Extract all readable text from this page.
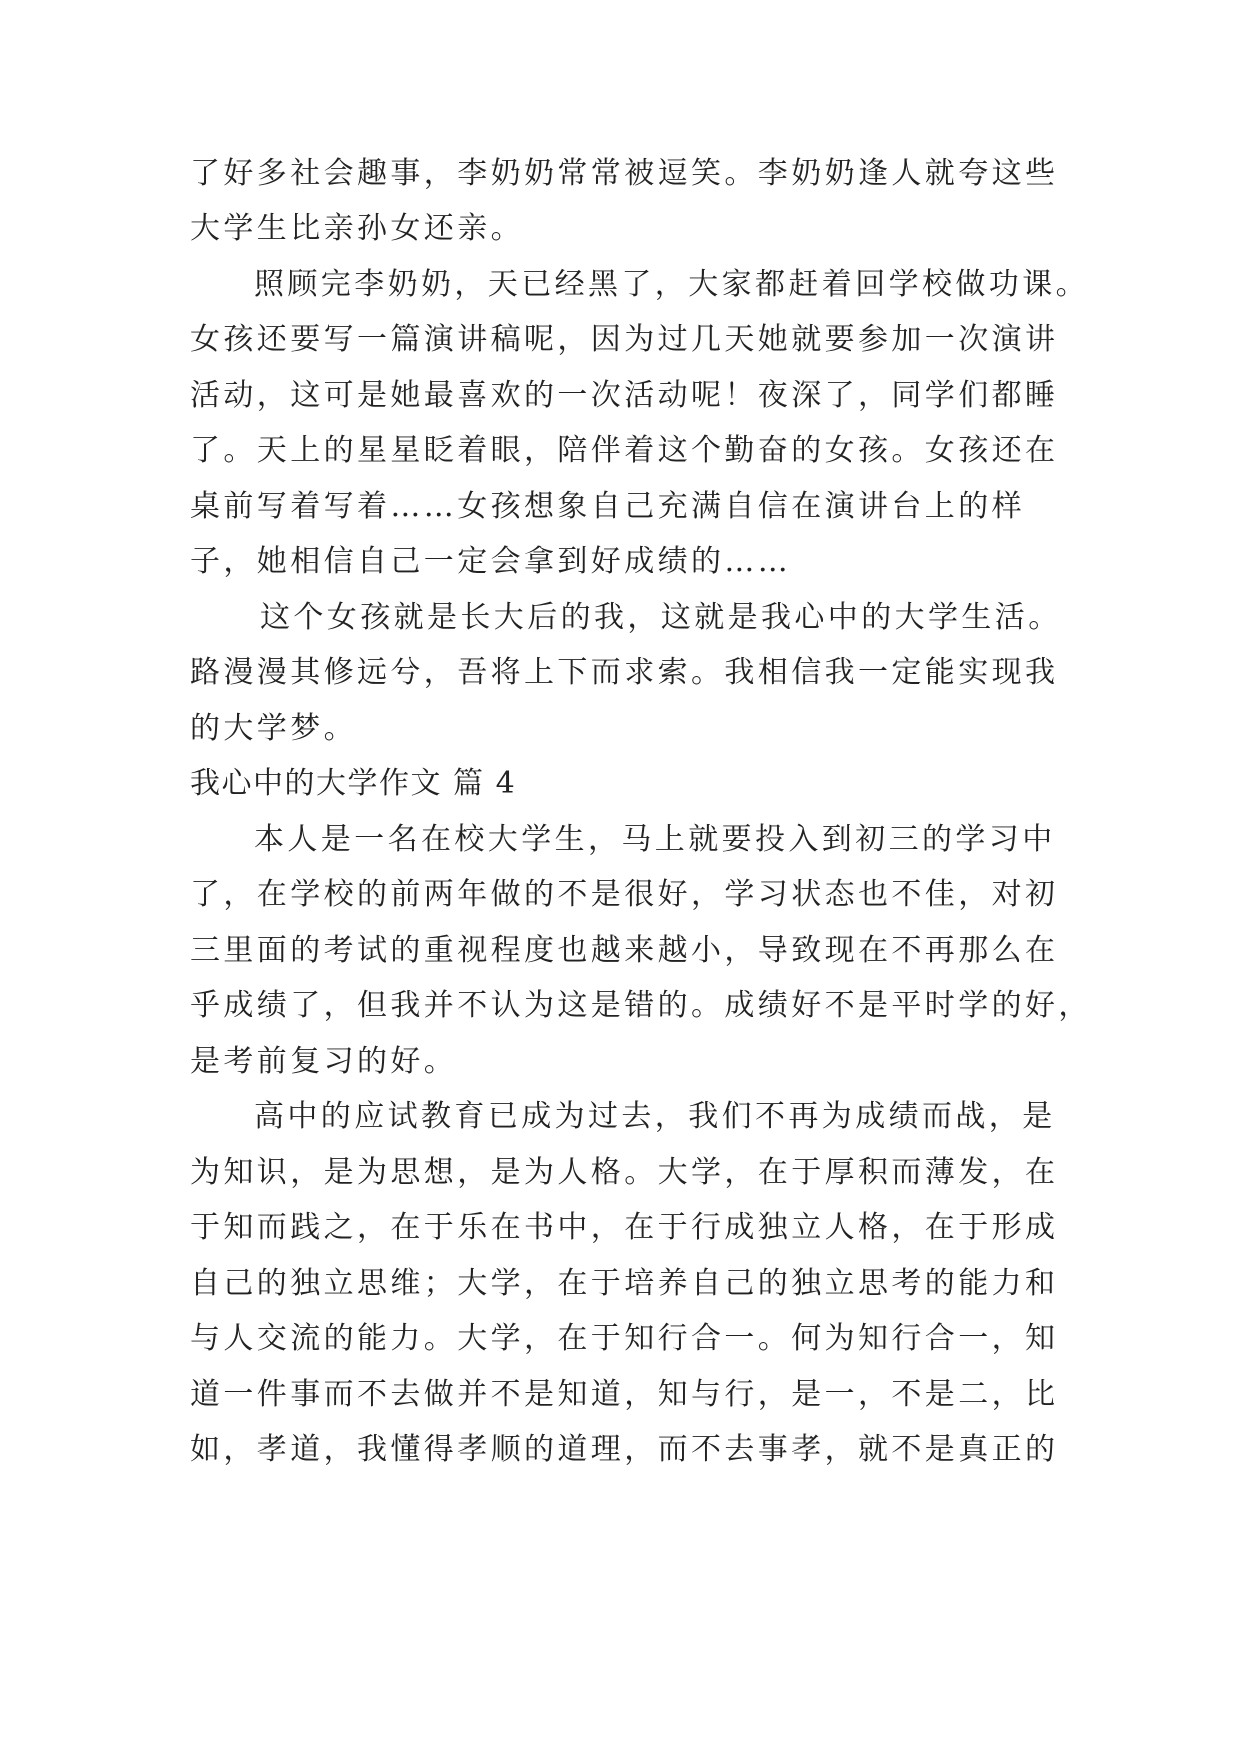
了好多社会趣事，李奶奶常常被逗笑。李奶奶逢人就夸这些
大学生比亲孙女还亲。
照顾完李奶奶，天已经黑了，大家都赶着回学校做功课。
女孩还要写一篇演讲稿呢，因为过几天她就要参加一次演讲
活动，这可是她最喜欢的一次活动呢！夜深了，同学们都睡
了。天上的星星眨着眼，陪伴着这个勤奋的女孩。女孩还在
桌前写着写着……女孩想象自己充满自信在演讲台上的样
子，她相信自己一定会拿到好成绩的……
这个女孩就是长大后的我，这就是我心中的大学生活。
路漫漫其修远兮，吾将上下而求索。我相信我一定能实现我
的大学梦。
我心中的大学作文 篇 4
本人是一名在校大学生，马上就要投入到初三的学习中
了，在学校的前两年做的不是很好，学习状态也不佳，对初
三里面的考试的重视程度也越来越小，导致现在不再那么在
乎成绩了，但我并不认为这是错的。成绩好不是平时学的好，
是考前复习的好。
高中的应试教育已成为过去，我们不再为成绩而战，是
为知识，是为思想，是为人格。大学，在于厚积而薄发，在
于知而践之，在于乐在书中，在于行成独立人格，在于形成
自己的独立思维；大学，在于培养自己的独立思考的能力和
与人交流的能力。大学，在于知行合一。何为知行合一，知
道一件事而不去做并不是知道，知与行，是一，不是二，比
如，孝道，我懂得孝顺的道理，而不去事孝，就不是真正的
